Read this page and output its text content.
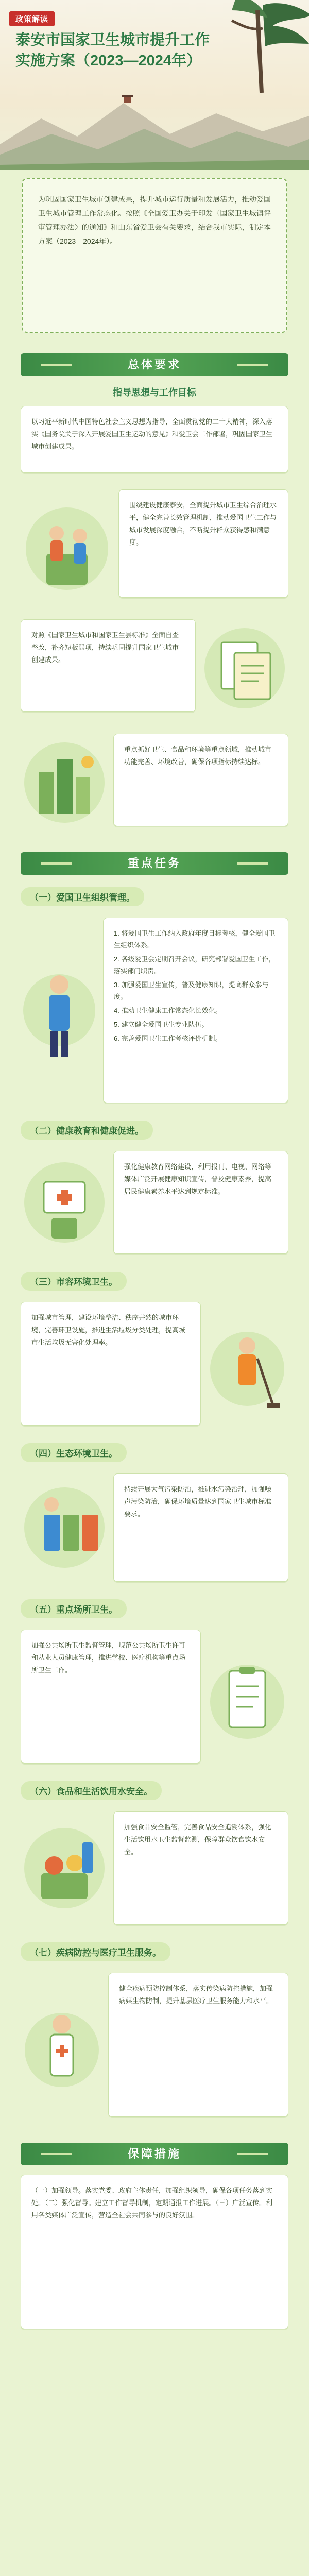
政策解读
泰安市国家卫生城市提升工作
实施方案（2023—2024年）

为巩固国家卫生城市创建成果，提升城市运行质量和发展活力，推动爱国卫生城市管理工作常态化。按照《全国爱卫办关于印发〈国家卫生城镇评审管理办法〉的通知》和山东省爱卫会有关要求，结合我市实际，制定本方案（2023—2024年）。

总体要求
指导思想与工作目标

以习近平新时代中国特色社会主义思想为指导，全面贯彻党的二十大精神，深入落实《国务院关于深入开展爱国卫生运动的意见》和爱卫会工作部署，巩固国家卫生城市创建成果。

围绕建设健康泰安，全面提升城市卫生综合治理水平，健全完善长效管理机制，推动爱国卫生工作与城市发展深度融合，不断提升群众获得感和满意度。

对照《国家卫生城市和国家卫生县标准》全面自查整改，补齐短板弱项，持续巩固提升国家卫生城市创建成果。

重点抓好卫生、食品和环境等重点领域，推动城市功能完善、环境改善，确保各项指标持续达标。

重点任务
（一）爱国卫生组织管理。

1. 将爱国卫生工作纳入政府年度目标考核，健全爱国卫生组织体系。

2. 各级爱卫会定期召开会议，研究部署爱国卫生工作，落实部门职责。

3. 加强爱国卫生宣传，普及健康知识，提高群众参与度。

4. 推动卫生健康工作常态化长效化。

5. 建立健全爱国卫生专业队伍。

6. 完善爱国卫生工作考核评价机制。

（二）健康教育和健康促进。

强化健康教育网络建设，利用报刊、电视、网络等媒体广泛开展健康知识宣传，普及健康素养，提高居民健康素养水平达到规定标准。

（三）市容环境卫生。

加强城市管理，建设环境整洁、秩序井然的城市环境，完善环卫设施，推进生活垃圾分类处理，提高城市生活垃圾无害化处理率。

（四）生态环境卫生。

持续开展大气污染防治，推进水污染治理，加强噪声污染防治，确保环境质量达到国家卫生城市标准要求。

（五）重点场所卫生。

加强公共场所卫生监督管理，规范公共场所卫生许可和从业人员健康管理，推进学校、医疗机构等重点场所卫生工作。

（六）食品和生活饮用水安全。

加强食品安全监管，完善食品安全追溯体系，强化生活饮用水卫生监督监测，保障群众饮食饮水安全。

（七）疾病防控与医疗卫生服务。

健全疾病预防控制体系，落实传染病防控措施，加强病媒生物防制，提升基层医疗卫生服务能力和水平。

保障措施

（一）加强领导。落实党委、政府主体责任，加强组织领导，确保各项任务落到实处。（二）强化督导。建立工作督导机制，定期通报工作进展。（三）广泛宣传。利用各类媒体广泛宣传，营造全社会共同参与的良好氛围。
